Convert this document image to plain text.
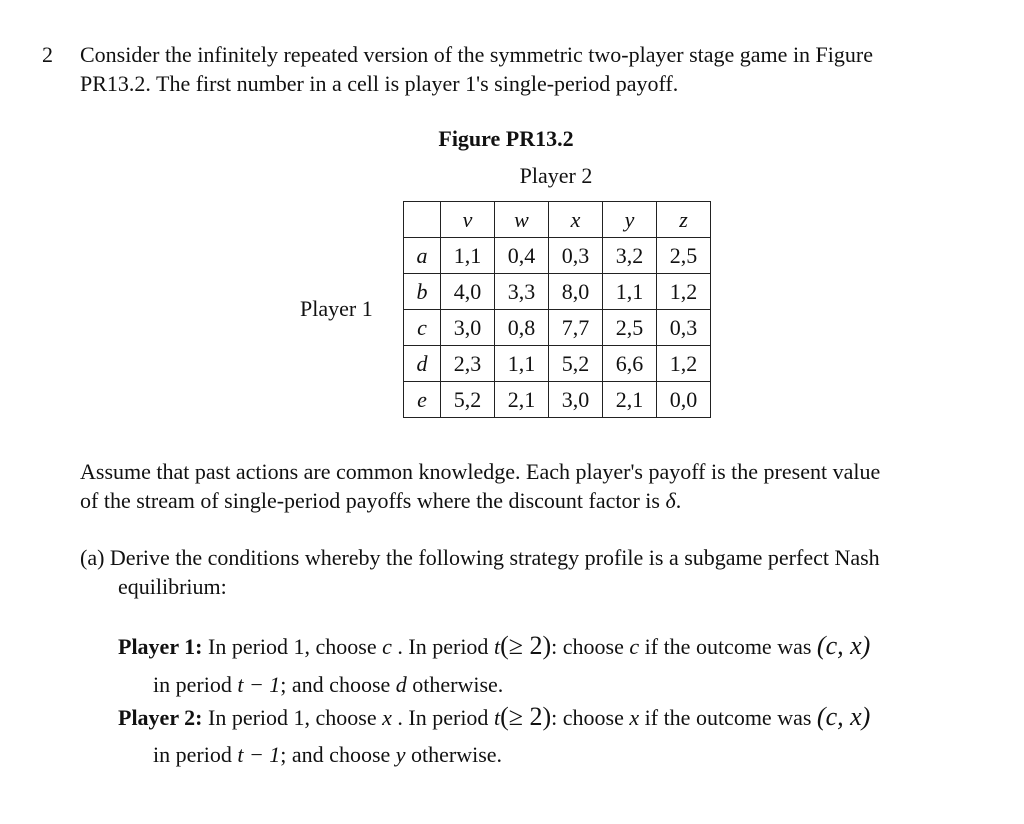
2 Consider the infinitely repeated version of the symmetric two-player stage game in Figure
PR13.2. The first number in a cell is player 1's single-period payoff.
Figure PR13.2
Player 2
Player 1
	v	w	x	y	z
a	1,1	0,4	0,3	3,2	2,5
b	4,0	3,3	8,0	1,1	1,2
c	3,0	0,8	7,7	2,5	0,3
d	2,3	1,1	5,2	6,6	1,2
e	5,2	2,1	3,0	2,1	0,0
Assume that past actions are common knowledge. Each player's payoff is the present value
of the stream of single-period payoffs where the discount factor is δ.
(a) Derive the conditions whereby the following strategy profile is a subgame perfect Nash
equilibrium:
Player 1: In period 1, choose c . In period t(≥ 2): choose c if the outcome was (c, x)
in period t − 1; and choose d otherwise.
Player 2: In period 1, choose x . In period t(≥ 2): choose x if the outcome was (c, x)
in period t − 1; and choose y otherwise.
